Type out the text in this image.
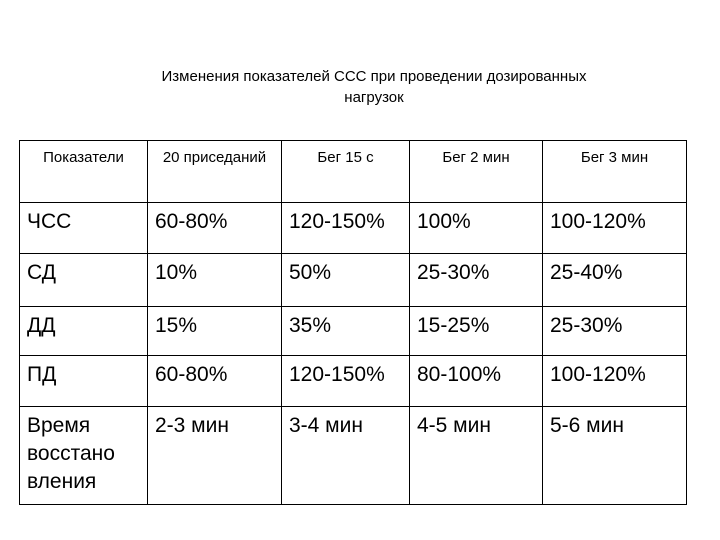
Изменения показателей ССС при проведении дозированных
нагрузок
Показатели	20 приседаний	Бег 15 с	Бег 2 мин	Бег 3 мин
ЧСС	60-80%	120-150%	100%	100-120%
СД	10%	50%	25-30%	25-40%
ДД	15%	35%	15-25%	25-30%
ПД	60-80%	120-150%	80-100%	100-120%
Время восстано вления	2-3 мин	3-4 мин	4-5 мин	5-6 мин
